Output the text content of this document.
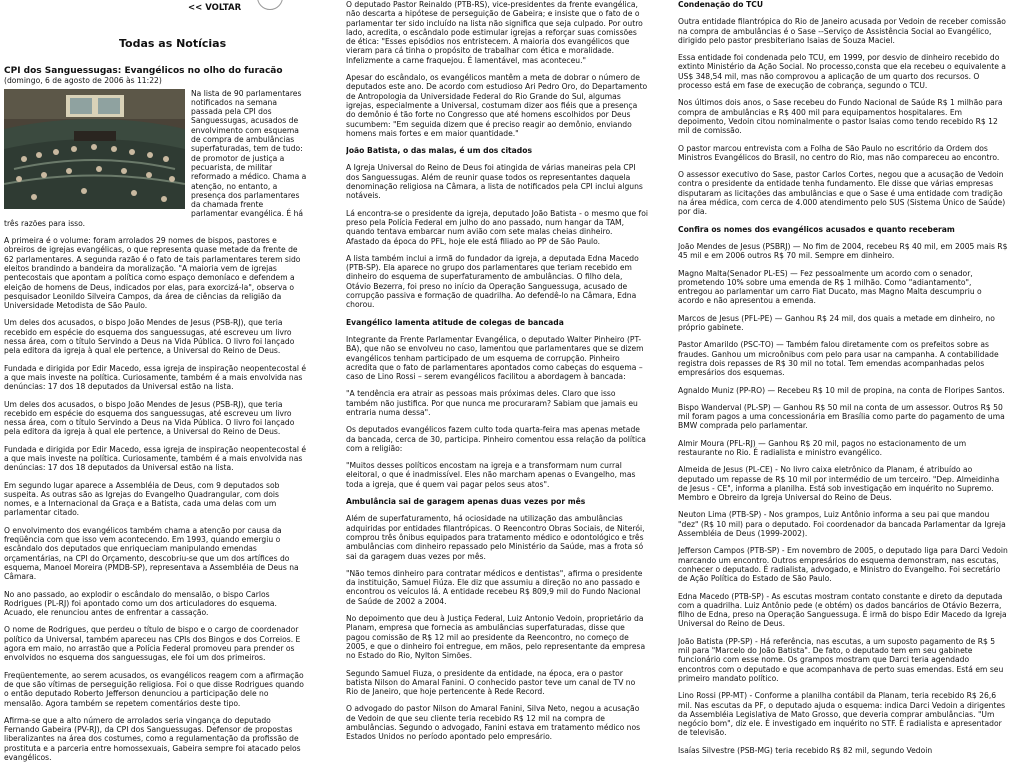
<< VOLTAR
Todas as Notícias
CPI dos Sanguessugas: Evangélicos no olho do furacão
(domingo, 6 de agosto de 2006 às 11:22)

Na lista de 90 parlamentares notificados na semana passada pela CPI dos Sanguessugas, acusados de envolvimento com esquema de compra de ambulâncias superfaturadas, tem de tudo: de promotor de justiça a pecuarista, de militar reformado a médico. Chama a atenção, no entanto, a presença dos parlamentares da chamada frente parlamentar evangélica. É há três razões para isso.

A primeira é o volume: foram arrolados 29 nomes de bispos, pastores e obreiros de igrejas evangélicas, o que representa quase metade da frente de 62 parlamentares. A segunda razão é o fato de tais parlamentares terem sido eleitos brandindo a bandeira da moralização. "A maioria vem de igrejas pentecostais que apontam a política como espaço demoníaco e defendem a eleição de homens de Deus, indicados por elas, para exorcizá-la", observa o pesquisador Leonildo Silveira Campos, da área de ciências da religião da Universidade Metodista de São Paulo.

Um deles dos acusados, o bispo João Mendes de Jesus (PSB-RJ), que teria recebido em espécie do esquema dos sanguessugas, até escreveu um livro nessa área, com o título Servindo a Deus na Vida Pública. O livro foi lançado pela editora da igreja à qual ele pertence, a Universal do Reino de Deus.

Fundada e dirigida por Edir Macedo, essa igreja de inspiração neopentecostal é a que mais investe na política. Curiosamente, também é a mais envolvida nas denúncias: 17 dos 18 deputados da Universal estão na lista.

Um deles dos acusados, o bispo João Mendes de Jesus (PSB-RJ), que teria recebido em espécie do esquema dos sanguessugas, até escreveu um livro nessa área, com o título Servindo a Deus na Vida Pública. O livro foi lançado pela editora da igreja à qual ele pertence, a Universal do Reino de Deus.

Fundada e dirigida por Edir Macedo, essa igreja de inspiração neopentecostal é a que mais investe na política. Curiosamente, também é a mais envolvida nas denúncias: 17 dos 18 deputados da Universal estão na lista.

Em segundo lugar aparece a Assembléia de Deus, com 9 deputados sob suspeita. As outras são as Igrejas do Evangelho Quadrangular, com dois nomes, e a Internacional da Graça e a Batista, cada uma delas com um parlamentar citado.

O envolvimento dos evangélicos também chama a atenção por causa da freqüência com que isso vem acontecendo. Em 1993, quando emergiu o escândalo dos deputados que enriqueciam manipulando emendas orçamentárias, na CPI do Orçamento, descobriu-se que um dos artífices do esquema, Manoel Moreira (PMDB-SP), representava a Assembléia de Deus na Câmara.

No ano passado, ao explodir o escândalo do mensalão, o bispo Carlos Rodrigues (PL-RJ) foi apontado como um dos articuladores do esquema. Acuado, ele renunciou antes de enfrentar a cassação.

O nome de Rodrigues, que perdeu o título de bispo e o cargo de coordenador político da Universal, também apareceu nas CPIs dos Bingos e dos Correios. E agora em maio, no arrastão que a Polícia Federal promoveu para prender os envolvidos no esquema dos sanguessugas, ele foi um dos primeiros.

Freqüentemente, ao serem acusados, os evangélicos reagem com a afirmação de que são vítimas de perseguição religiosa. Foi o que disse Rodrigues quando o então deputado Roberto Jefferson denunciou a participação dele no mensalão. Agora também se repetem comentários deste tipo.

Afirma-se que a alto número de arrolados seria vingança do deputado Fernando Gabeira (PV-RJ), da CPI dos Sanguessugas. Defensor de propostas liberalizantes na área dos costumes, como a regulamentação da profissão de prostituta e a parceria entre homossexuais, Gabeira sempre foi atacado pelos evangélicos.

O deputado Pastor Reinaldo (PTB-RS), vice-presidentes da frente evangélica, não descarta a hipótese de perseguição de Gabeira; e insiste que o fato de o parlamentar ter sido incluído na lista não significa que seja culpado. Por outro lado, acredita, o escândalo pode estimular igrejas a reforçar suas comissões de ética: "Esses episódios nos entristecem. A maioria dos evangélicos que vieram para cá tinha o propósito de trabalhar com ética e moralidade. Infelizmente a carne fraquejou. É lamentável, mas aconteceu."

Apesar do escândalo, os evangélicos mantêm a meta de dobrar o número de deputados este ano. De acordo com estudioso Ari Pedro Oro, do Departamento de Antropologia da Universidade Federal do Rio Grande do Sul, algumas igrejas, especialmente a Universal, costumam dizer aos fiéis que a presença do demônio é tão forte no Congresso que até homens escolhidos por Deus sucumbem: "Em seguida dizem que é preciso reagir ao demônio, enviando homens mais fortes e em maior quantidade."

João Batista, o das malas, é um dos citados

A Igreja Universal do Reino de Deus foi atingida de várias maneiras pela CPI dos Sanguessugas. Além de reunir quase todos os representantes daquela denominação religiosa na Câmara, a lista de notificados pela CPI inclui alguns notáveis.

Lá encontra-se o presidente da igreja, deputado João Batista - o mesmo que foi preso pela Polícia Federal em julho do ano passado, num hangar da TAM, quando tentava embarcar num avião com sete malas cheias dinheiro. Afastado da época do PFL, hoje ele está filiado ao PP de São Paulo.

A lista também inclui a irmã do fundador da igreja, a deputada Edna Macedo (PTB-SP). Ela aparece no grupo dos parlamentares que teriam recebido em dinheiro do esquema de superfaturamento de ambulâncias. O filho dela, Otávio Bezerra, foi preso no início da Operação Sanguessuga, acusado de corrupção passiva e formação de quadrilha. Ao defendê-lo na Câmara, Edna chorou.

Evangélico lamenta atitude de colegas de bancada

Integrante da Frente Parlamentar Evangélica, o deputado Walter Pinheiro (PT-BA), que não se envolveu no caso, lamentou que parlamentares que se dizem evangélicos tenham participado de um esquema de corrupção. Pinheiro acredita que o fato de parlamentares apontados como cabeças do esquema – caso de Lino Rossi – serem evangélicos facilitou a abordagem à bancada:

"A tendência era atrair as pessoas mais próximas deles. Claro que isso também não justifica. Por que nunca me procuraram? Sabiam que jamais eu entraria numa dessa".

Os deputados evangélicos fazem culto toda quarta-feira mas apenas metade da bancada, cerca de 30, participa. Pinheiro comentou essa relação da política com a religião:

"Muitos desses políticos encostam na igreja e a transformam num curral eleitoral, o que é inadmissível. Eles não marcham apenas o Evangelho, mas toda a igreja, que é quem vai pagar pelos seus atos".

Ambulância sai de garagem apenas duas vezes por mês

Além de superfaturamento, há ociosidade na utilização das ambulâncias adquiridas por entidades filantrópicas. O Reencontro Obras Sociais, de Niterói, comprou três ônibus equipados para tratamento médico e odontológico e três ambulâncias com dinheiro repassado pelo Ministério da Saúde, mas a frota só sai da garagem duas vezes por mês.

"Não temos dinheiro para contratar médicos e dentistas", afirma o presidente da instituição, Samuel Fiúza. Ele diz que assumiu a direção no ano passado e encontrou os veículos lá. A entidade recebeu R$ 809,9 mil do Fundo Nacional de Saúde de 2002 a 2004.

No depoimento que deu à Justiça Federal, Luiz Antonio Vedoin, proprietário da Planam, empresa que fornecia as ambulâncias superfaturadas, disse que pagou comissão de R$ 12 mil ao presidente da Reencontro, no começo de 2005, e que o dinheiro foi entregue, em mãos, pelo representante da empresa no Estado do Rio, Nylton Simões.

Segundo Samuel Fiuza, o presidente da entidade, na época, era o pastor batista Nilson do Amaral Fanini. O conhecido pastor teve um canal de TV no Rio de Janeiro, que hoje pertencente à Rede Record.

O advogado do pastor Nilson do Amaral Fanini, Silva Neto, negou a acusação de Vedoin de que seu cliente teria recebido R$ 12 mil na compra de ambulâncias. Segundo o advogado, Fanini estava em tratamento médico nos Estados Unidos no período apontado pelo empresário.

Condenação do TCU

Outra entidade filantrópica do Rio de Janeiro acusada por Vedoin de receber comissão na compra de ambulâncias é o Sase --Serviço de Assistência Social ao Evangélico, dirigido pelo pastor presbiteriano Isaias de Souza Maciel.

Essa entidade foi condenada pelo TCU, em 1999, por desvio de dinheiro recebido do extinto Ministério da Ação Social. No processo,consta que ela recebeu o equivalente a US$ 348,54 mil, mas não comprovou a aplicação de um quarto dos recursos. O processo está em fase de execução de cobrança, segundo o TCU.

Nos últimos dois anos, o Sase recebeu do Fundo Nacional de Saúde R$ 1 milhão para compra de ambulâncias e R$ 400 mil para equipamentos hospitalares. Em depoimento, Vedoin citou nominalmente o pastor Isaias como tendo recebido R$ 12 mil de comissão.

O pastor marcou entrevista com a Folha de São Paulo no escritório da Ordem dos Ministros Evangélicos do Brasil, no centro do Rio, mas não compareceu ao encontro.

O assessor executivo do Sase, pastor Carlos Cortes, negou que a acusação de Vedoin contra o presidente da entidade tenha fundamento. Ele disse que várias empresas disputaram as licitações das ambulâncias e que o Sase é uma entidade com tradição na área médica, com cerca de 4.000 atendimento pelo SUS (Sistema Único de Saúde) por dia.

Confira os nomes dos evangélicos acusados e quanto receberam

João Mendes de Jesus (PSBRJ) — No fim de 2004, recebeu R$ 40 mil, em 2005 mais R$ 45 mil e em 2006 outros R$ 70 mil. Sempre em dinheiro.

Magno Malta(Senador PL-ES) — Fez pessoalmente um acordo com o senador, prometendo 10% sobre uma emenda de R$ 1 milhão. Como "adiantamento", entregou ao parlamentar um carro Fiat Ducato, mas Magno Malta descumpriu o acordo e não apresentou a emenda.

Marcos de Jesus (PFL-PE) — Ganhou R$ 24 mil, dos quais a metade em dinheiro, no próprio gabinete.

Pastor Amarildo (PSC-TO) — Também falou diretamente com os prefeitos sobre as fraudes. Ganhou um microônibus com pelo para usar na campanha. A contabilidade registra dois repasses de R$ 30 mil no total. Tem emendas acompanhadas pelos empresários dos esquemas.

Agnaldo Muniz (PP-RO) — Recebeu R$ 10 mil de propina, na conta de Floripes Santos.

Bispo Wanderval (PL-SP) — Ganhou R$ 50 mil na conta de um assessor. Outros R$ 50 mil foram pagos a uma concessionária em Brasília como parte do pagamento de uma BMW comprada pelo parlamentar.

Almir Moura (PFL-RJ) — Ganhou R$ 20 mil, pagos no estacionamento de um restaurante no Rio. É radialista e ministro evangélico.

Almeida de Jesus (PL-CE) - No livro caixa eletrônico da Planam, é atribuído ao deputado um repasse de R$ 10 mil por intermédio de um terceiro. "Dep. Almeidinha de Jesus - CE", informa a planilha. Está sob investigação em inquérito no Supremo. Membro e Obreiro da Igreja Universal do Reino de Deus.

Neuton Lima (PTB-SP) - Nos grampos, Luiz Antônio informa a seu pai que mandou "dez" (R$ 10 mil) para o deputado. Foi coordenador da bancada Parlamentar da Igreja Assembléia de Deus (1999-2002).

Jefferson Campos (PTB-SP) - Em novembro de 2005, o deputado liga para Darci Vedoin marcando um encontro. Outros empresários do esquema demonstram, nas escutas, conhecer o deputado. É radialista, advogado, e Ministro do Evangelho. Foi secretário de Ação Política do Estado de São Paulo.

Edna Macedo (PTB-SP) - As escutas mostram contato constante e direto da deputada com a quadrilha. Luiz Antônio pede (e obtém) os dados bancários de Otávio Bezerra, filho de Edna, preso na Operação Sanguessuga. É irmã do bispo Edir Macedo da Igreja Universal do Reino de Deus.

João Batista (PP-SP) - Há referência, nas escutas, a um suposto pagamento de R$ 5 mil para "Marcelo do João Batista". De fato, o deputado tem em seu gabinete funcionário com esse nome. Os grampos mostram que Darci teria agendado encontros com o deputado e que acompanhava de perto suas emendas. Está em seu primeiro mandato político.

Lino Rossi (PP-MT) - Conforme a planilha contábil da Planam, teria recebido R$ 26,6 mil. Nas escutas da PF, o deputado ajuda o esquema: indica Darci Vedoin a dirigentes da Assembléia Legislativa de Mato Grosso, que deveria comprar ambulâncias. "Um negócio bom", diz ele. É investigado em inquérito no STF. É radialista e apresentador de televisão.

Isaías Silvestre (PSB-MG) teria recebido R$ 82 mil, segundo Vedoin
